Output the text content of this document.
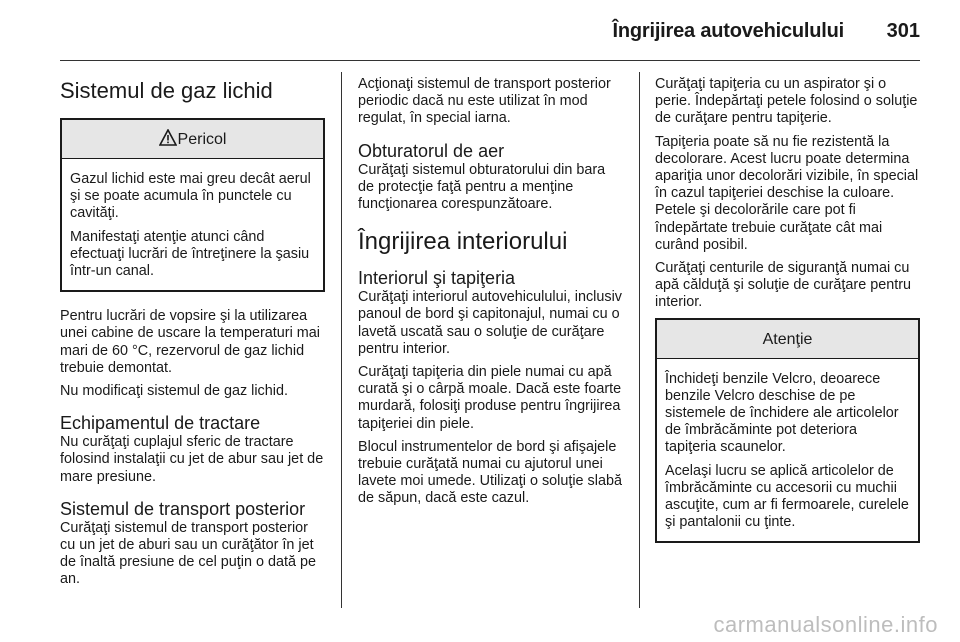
Îngrijirea autovehiculului 301
Sistemul de gaz lichid
Pericol

Gazul lichid este mai greu decât aerul şi se poate acumula în punctele cu cavităţi.

Manifestaţi atenţie atunci când efectuaţi lucrări de întreţinere la şasiu într-un canal.

Pentru lucrări de vopsire şi la utilizarea unei cabine de uscare la temperaturi mai mari de 60 °C, rezervorul de gaz lichid trebuie demontat.

Nu modificaţi sistemul de gaz lichid.

Echipamentul de tractare

Nu curăţaţi cuplajul sferic de tractare folosind instalaţii cu jet de abur sau jet de mare presiune.

Sistemul de transport posterior

Curăţaţi sistemul de transport posterior cu un jet de aburi sau un curăţător în jet de înaltă presiune de cel puţin o dată pe an.

Acţionaţi sistemul de transport posterior periodic dacă nu este utilizat în mod regulat, în special iarna.

Obturatorul de aer

Curăţaţi sistemul obturatorului din bara de protecţie faţă pentru a menţine funcţionarea corespunzătoare.

Îngrijirea interiorului
Interiorul şi tapiţeria

Curăţaţi interiorul autovehiculului, inclusiv panoul de bord şi capitonajul, numai cu o lavetă uscată sau o soluţie de curăţare pentru interior.

Curăţaţi tapiţeria din piele numai cu apă curată şi o cârpă moale. Dacă este foarte murdară, folosiţi produse pentru îngrijirea tapiţeriei din piele.

Blocul instrumentelor de bord şi afişajele trebuie curăţată numai cu ajutorul unei lavete moi umede. Utilizaţi o soluţie slabă de săpun, dacă este cazul.

Curăţaţi tapiţeria cu un aspirator şi o perie. Îndepărtaţi petele folosind o soluţie de curăţare pentru tapiţerie.

Tapiţeria poate să nu fie rezistentă la decolorare. Acest lucru poate determina apariţia unor decolorări vizibile, în special în cazul tapiţeriei deschise la culoare. Petele şi decolorările care pot fi îndepărtate trebuie curăţate cât mai curând posibil.

Curăţaţi centurile de siguranţă numai cu apă călduţă şi soluţie de curăţare pentru interior.

Atenţie

Închideţi benzile Velcro, deoarece benzile Velcro deschise de pe sistemele de închidere ale articolelor de îmbrăcăminte pot deteriora tapiţeria scaunelor.

Acelaşi lucru se aplică articolelor de îmbrăcăminte cu accesorii cu muchii ascuţite, cum ar fi fermoarele, curelele şi pantalonii cu ţinte.

carmanualsonline.info
